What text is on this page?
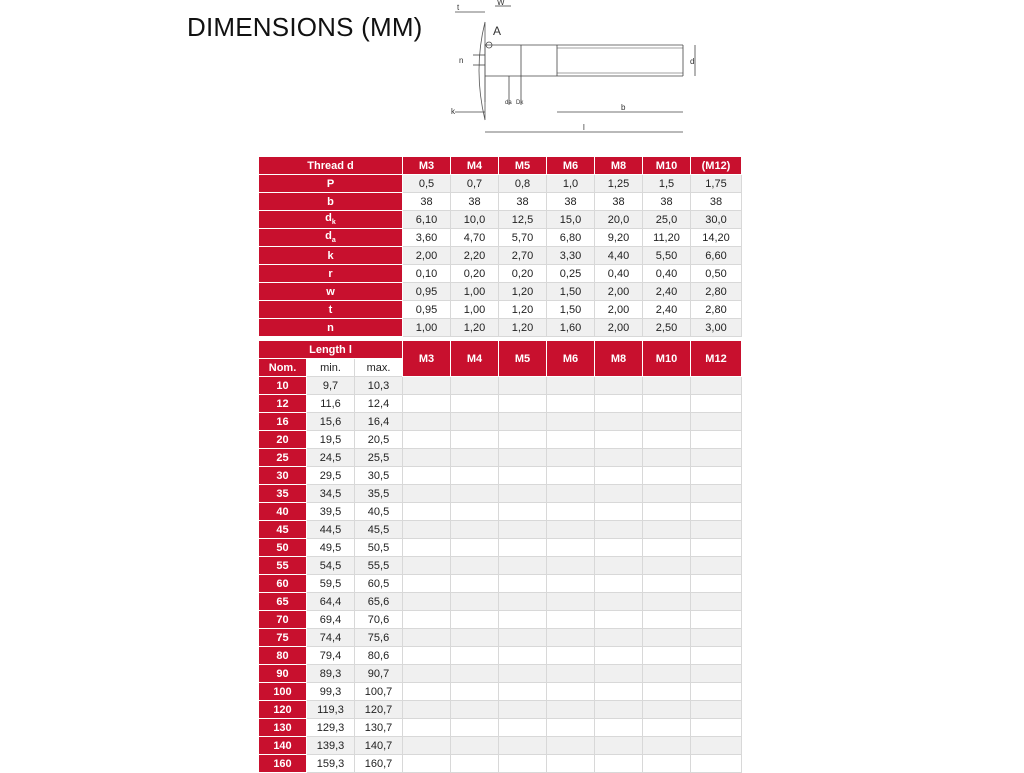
DIMENSIONS (MM)
t
W
A
n
k
da Dk
d
b
l
Thread d	M3	M4	M5	M6	M8	M10	(M12)
P	0,5	0,7	0,8	1,0	1,25	1,5	1,75
b	38	38	38	38	38	38	38
$d_k$	6,10	10,0	12,5	15,0	20,0	25,0	30,0
$d_a$	3,60	4,70	5,70	6,80	9,20	11,20	14,20
k	2,00	2,20	2,70	3,30	4,40	5,50	6,60
r	0,10	0,20	0,20	0,25	0,40	0,40	0,50
w	0,95	1,00	1,20	1,50	2,00	2,40	2,80
t	0,95	1,00	1,20	1,50	2,00	2,40	2,80
n	1,00	1,20	1,20	1,60	2,00	2,50	3,00
Length l			M3	M4	M5	M6	M8	M10	M12
Nom.	min.	max.							
10	9,7	10,3							
12	11,6	12,4							
16	15,6	16,4							
20	19,5	20,5							
25	24,5	25,5							
30	29,5	30,5							
35	34,5	35,5							
40	39,5	40,5							
45	44,5	45,5							
50	49,5	50,5							
55	54,5	55,5							
60	59,5	60,5							
65	64,4	65,6							
70	69,4	70,6							
75	74,4	75,6							
80	79,4	80,6							
90	89,3	90,7							
100	99,3	100,7							
120	119,3	120,7							
130	129,3	130,7							
140	139,3	140,7							
160	159,3	160,7							
